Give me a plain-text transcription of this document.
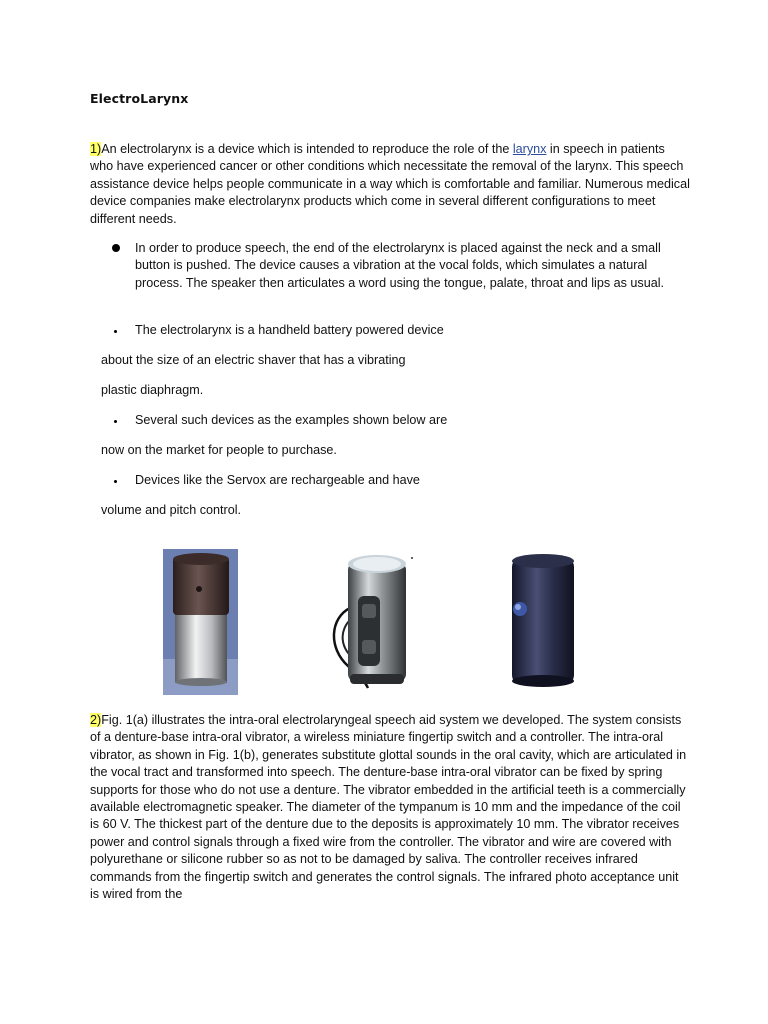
ElectroLarynx
1)An electrolarynx is a device which is intended to reproduce the role of the larynx in speech in patients who have experienced cancer or other conditions which necessitate the removal of the larynx. This speech assistance device helps people communicate in a way which is comfortable and familiar. Numerous medical device companies make electrolarynx products which come in several different configurations to meet different needs.
In order to produce speech, the end of the electrolarynx is placed against the neck and a small button is pushed. The device causes a vibration at the vocal folds, which simulates a natural process. The speaker then articulates a word using the tongue, palate, throat and lips as usual.
The electrolarynx is a handheld battery powered device
about the size of an electric shaver that has a vibrating
plastic diaphragm.
Several such devices as the examples shown below are
now on the market for people to purchase.
Devices like the Servox are rechargeable and have
volume and pitch control.
2)Fig. 1(a) illustrates the intra-oral electrolaryngeal speech aid system we developed. The system consists of a denture-base intra-oral vibrator, a wireless miniature fingertip switch and a controller. The intra-oral vibrator, as shown in Fig. 1(b), generates substitute glottal sounds in the oral cavity, which are articulated in the vocal tract and transformed into speech. The denture-base intra-oral vibrator can be fixed by spring supports for those who do not use a denture. The vibrator embedded in the artificial teeth is a commercially available electromagnetic speaker. The diameter of the tympanum is 10 mm and the impedance of the coil is 60 V. The thickest part of the denture due to the deposits is approximately 10 mm. The vibrator receives power and control signals through a fixed wire from the controller. The vibrator and wire are covered with polyurethane or silicone rubber so as not to be damaged by saliva. The controller receives infrared commands from the fingertip switch and generates the control signals. The infrared photo acceptance unit is wired from the
